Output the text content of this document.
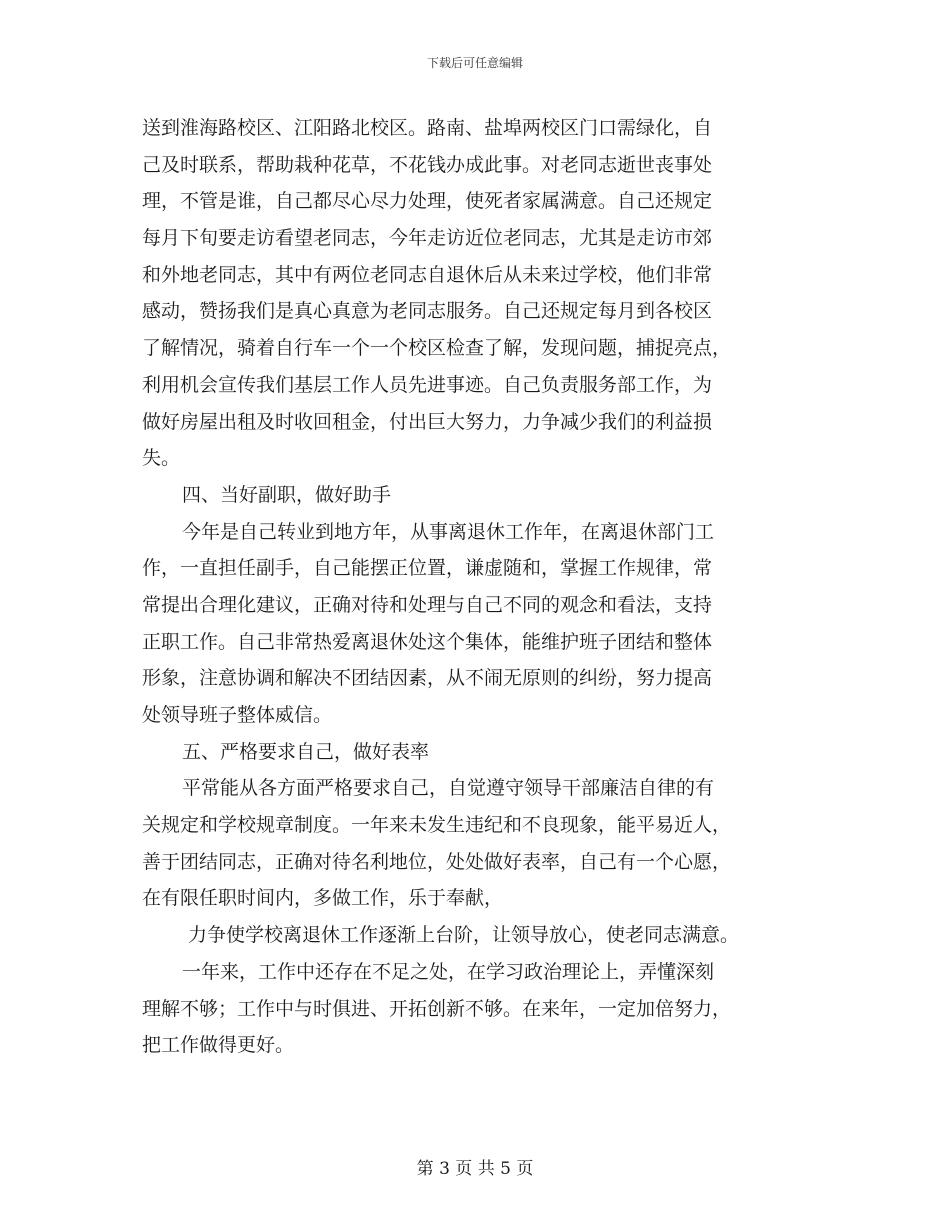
下载后可任意编辑
送到淮海路校区、江阳路北校区。路南、盐埠两校区门口需绿化，自
己及时联系，帮助栽种花草，不花钱办成此事。对老同志逝世丧事处
理，不管是谁，自己都尽心尽力处理，使死者家属满意。自己还规定
每月下旬要走访看望老同志，今年走访近位老同志，尤其是走访市郊
和外地老同志，其中有两位老同志自退休后从未来过学校，他们非常
感动，赞扬我们是真心真意为老同志服务。自己还规定每月到各校区
了解情况，骑着自行车一个一个校区检查了解，发现问题，捕捉亮点，
利用机会宣传我们基层工作人员先进事迹。自己负责服务部工作，为
做好房屋出租及时收回租金，付出巨大努力，力争减少我们的利益损
失。
四、当好副职，做好助手
今年是自己转业到地方年，从事离退休工作年，在离退休部门工
作，一直担任副手，自己能摆正位置，谦虚随和，掌握工作规律，常
常提出合理化建议，正确对待和处理与自己不同的观念和看法，支持
正职工作。自己非常热爱离退休处这个集体，能维护班子团结和整体
形象，注意协调和解决不团结因素，从不闹无原则的纠纷，努力提高
处领导班子整体威信。
五、严格要求自己，做好表率
平常能从各方面严格要求自己，自觉遵守领导干部廉洁自律的有
关规定和学校规章制度。一年来未发生违纪和不良现象，能平易近人，
善于团结同志，正确对待名利地位，处处做好表率，自己有一个心愿，
在有限任职时间内，多做工作，乐于奉献，
力争使学校离退休工作逐渐上台阶，让领导放心，使老同志满意。
一年来，工作中还存在不足之处，在学习政治理论上，弄懂深刻
理解不够；工作中与时俱进、开拓创新不够。在来年，一定加倍努力，
把工作做得更好。
第 3 页 共 5 页
